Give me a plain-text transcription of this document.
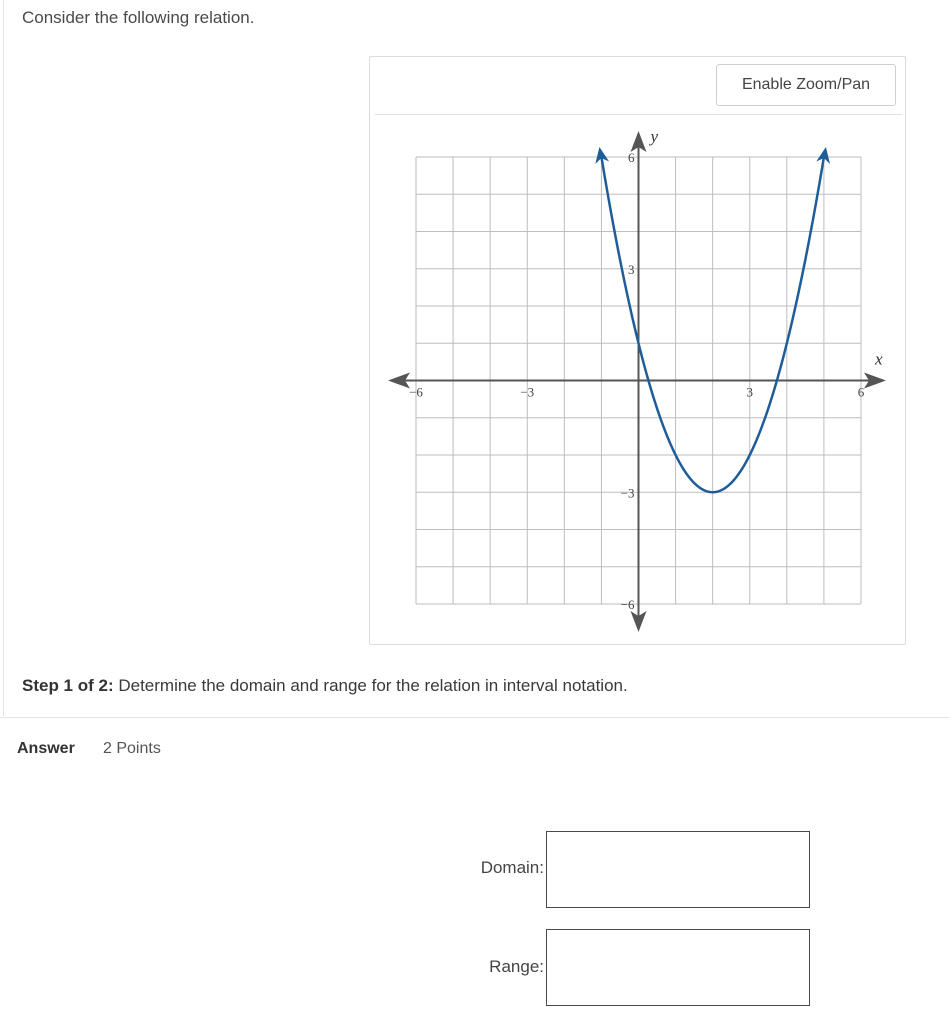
Consider the following relation.
Enable Zoom/Pan
x
y
−6	−3	3	6
6
3
−3
−6
Step 1 of 2: Determine the domain and range for the relation in interval notation.
Answer 2 Points
Domain:
Range:
